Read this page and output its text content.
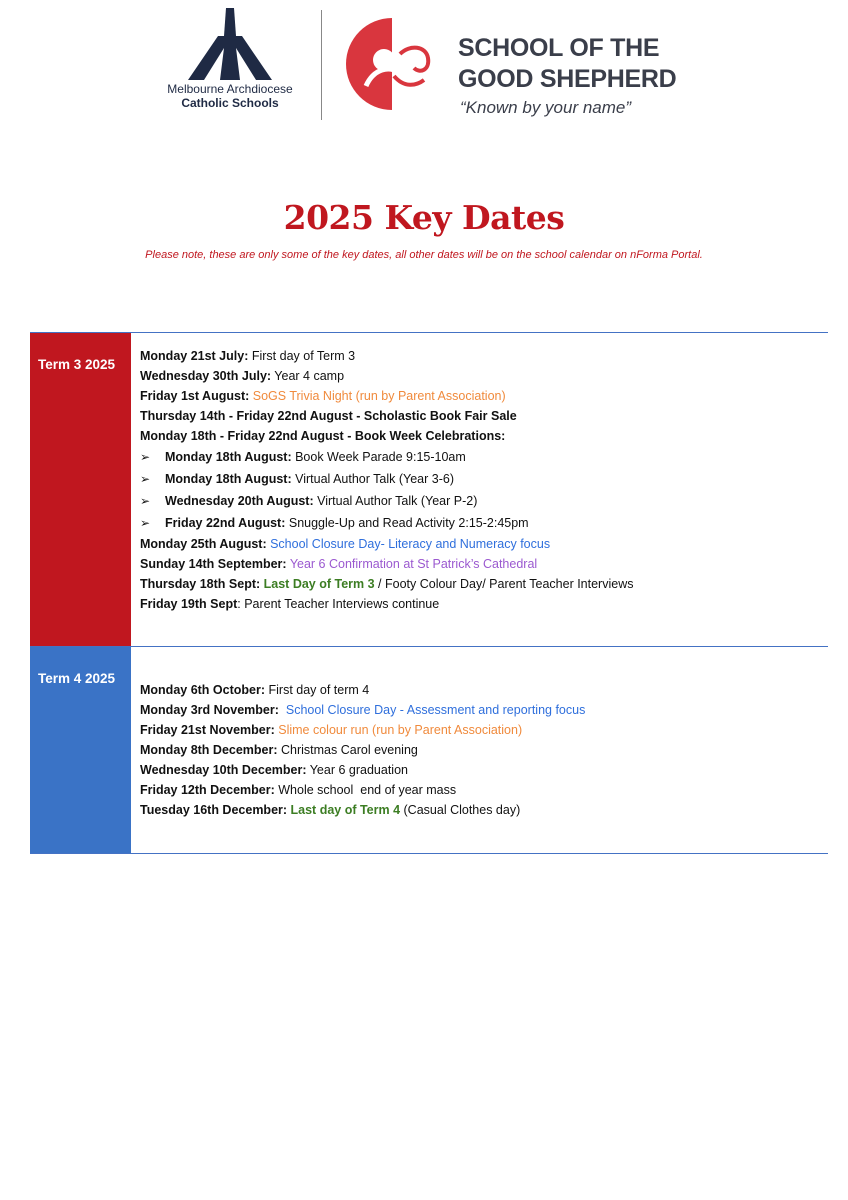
Melbourne Archdiocese
Catholic Schools
SCHOOL OF THE
GOOD SHEPHERD
“Known by your name”
2025 Key Dates
Please note, these are only some of the key dates, all other dates will be on the school calendar on nForma Portal.
Term 3 2025
Monday 21st July: First day of Term 3
Wednesday 30th July: Year 4 camp
Friday 1st August: SoGS Trivia Night (run by Parent Association)
Thursday 14th - Friday 22nd August - Scholastic Book Fair Sale
Monday 18th - Friday 22nd August - Book Week Celebrations:
➢ Monday 18th August: Book Week Parade 9:15-10am
➢ Monday 18th August: Virtual Author Talk (Year 3-6)
➢ Wednesday 20th August: Virtual Author Talk (Year P-2)
➢ Friday 22nd August: Snuggle-Up and Read Activity 2:15-2:45pm
Monday 25th August: School Closure Day- Literacy and Numeracy focus
Sunday 14th September: Year 6 Confirmation at St Patrick’s Cathedral
Thursday 18th Sept: Last Day of Term 3 / Footy Colour Day/ Parent Teacher Interviews
Friday 19th Sept: Parent Teacher Interviews continue
Term 4 2025
Monday 6th October: First day of term 4
Monday 3rd November:  School Closure Day - Assessment and reporting focus
Friday 21st November: Slime colour run (run by Parent Association)
Monday 8th December: Christmas Carol evening
Wednesday 10th December: Year 6 graduation
Friday 12th December: Whole school  end of year mass
Tuesday 16th December: Last day of Term 4 (Casual Clothes day)
